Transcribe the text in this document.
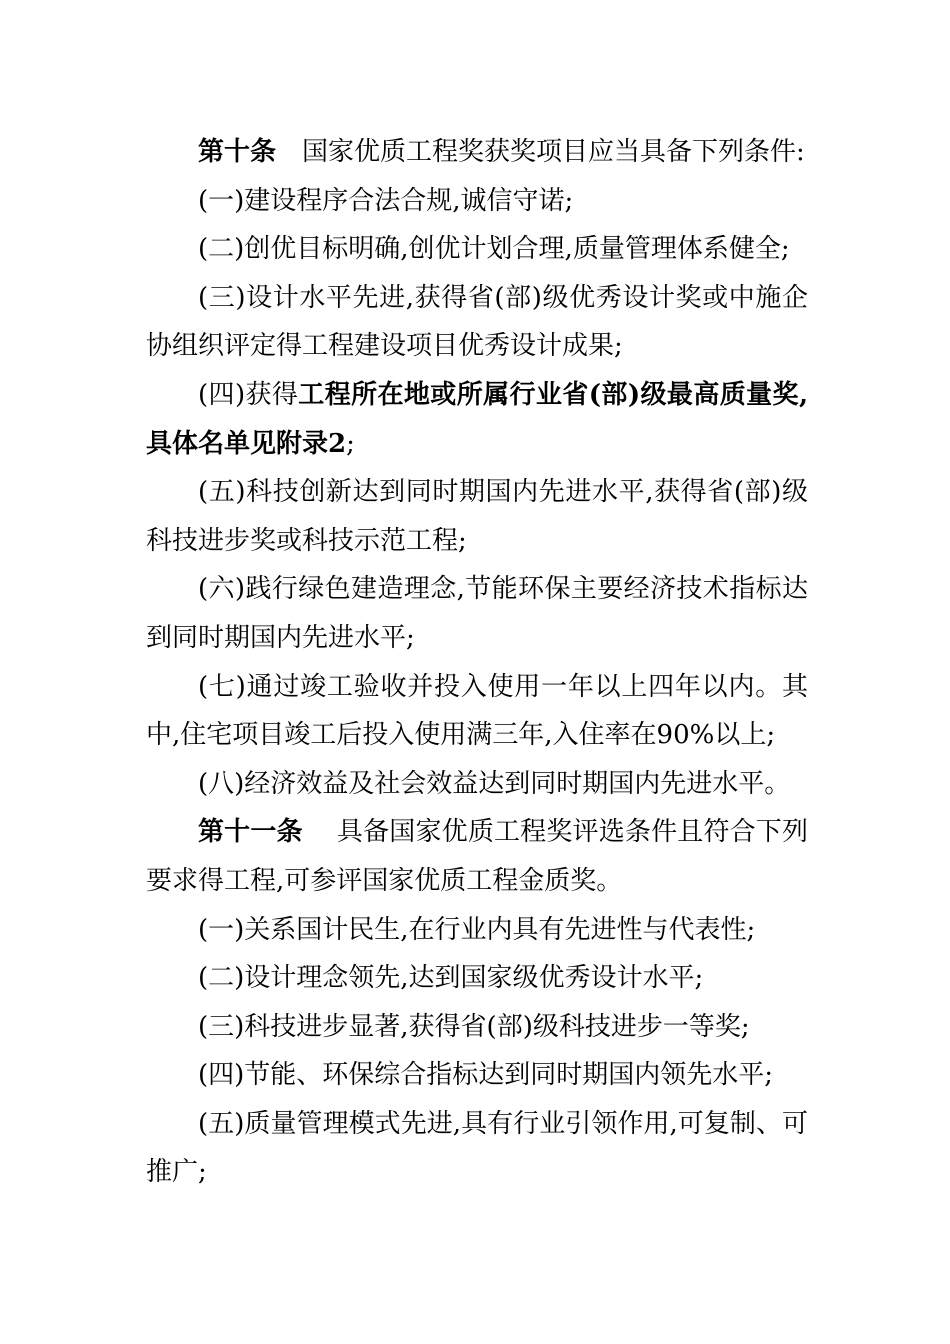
第十条 国家优质工程奖获奖项目应当具备下列条件:

(一)建设程序合法合规,诚信守诺;

(二)创优目标明确,创优计划合理,质量管理体系健全;

(三)设计水平先进,获得省(部)级优秀设计奖或中施企协组织评定得工程建设项目优秀设计成果;

(四)获得工程所在地或所属行业省(部)级最高质量奖,具体名单见附录2;

(五)科技创新达到同时期国内先进水平,获得省(部)级科技进步奖或科技示范工程;

(六)践行绿色建造理念,节能环保主要经济技术指标达到同时期国内先进水平;

(七)通过竣工验收并投入使用一年以上四年以内。其中,住宅项目竣工后投入使用满三年,入住率在90%以上;

(八)经济效益及社会效益达到同时期国内先进水平。

第十一条 具备国家优质工程奖评选条件且符合下列要求得工程,可参评国家优质工程金质奖。

(一)关系国计民生,在行业内具有先进性与代表性;

(二)设计理念领先,达到国家级优秀设计水平;

(三)科技进步显著,获得省(部)级科技进步一等奖;

(四)节能、环保综合指标达到同时期国内领先水平;

(五)质量管理模式先进,具有行业引领作用,可复制、可推广;
